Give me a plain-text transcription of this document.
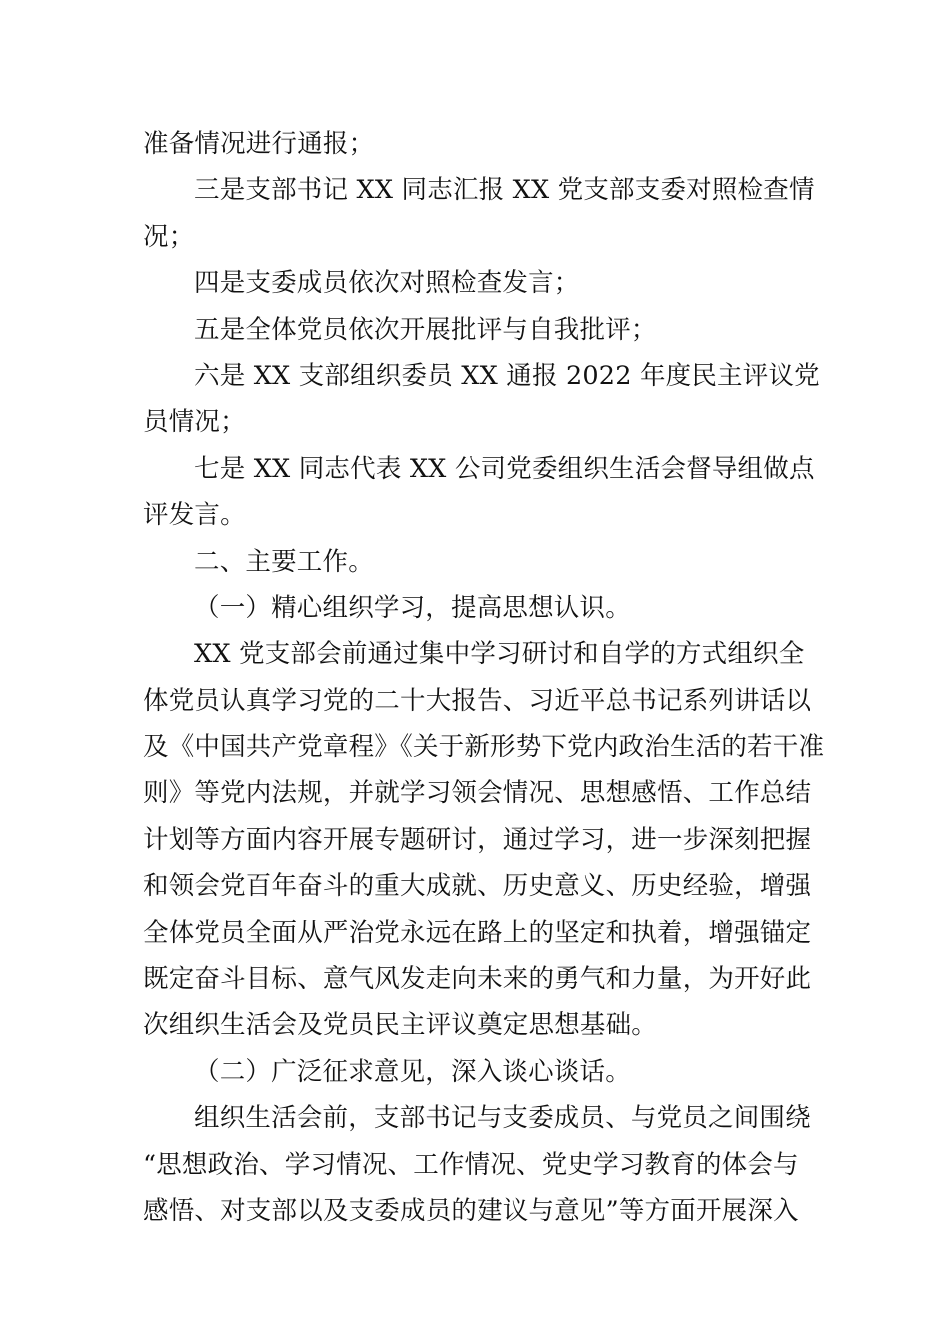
准备情况进行通报；
三是支部书记 XX 同志汇报 XX 党支部支委对照检查情
况；
四是支委成员依次对照检查发言；
五是全体党员依次开展批评与自我批评；
六是 XX 支部组织委员 XX 通报 2022 年度民主评议党
员情况；
七是 XX 同志代表 XX 公司党委组织生活会督导组做点
评发言。
二、主要工作。
（一）精心组织学习，提高思想认识。
XX 党支部会前通过集中学习研讨和自学的方式组织全
体党员认真学习党的二十大报告、习近平总书记系列讲话以
及《中国共产党章程》《关于新形势下党内政治生活的若干准
则》等党内法规，并就学习领会情况、思想感悟、工作总结
计划等方面内容开展专题研讨，通过学习，进一步深刻把握
和领会党百年奋斗的重大成就、历史意义、历史经验，增强
全体党员全面从严治党永远在路上的坚定和执着，增强锚定
既定奋斗目标、意气风发走向未来的勇气和力量，为开好此
次组织生活会及党员民主评议奠定思想基础。
（二）广泛征求意见，深入谈心谈话。
组织生活会前，支部书记与支委成员、与党员之间围绕
“思想政治、学习情况、工作情况、党史学习教育的体会与
感悟、对支部以及支委成员的建议与意见”等方面开展深入
